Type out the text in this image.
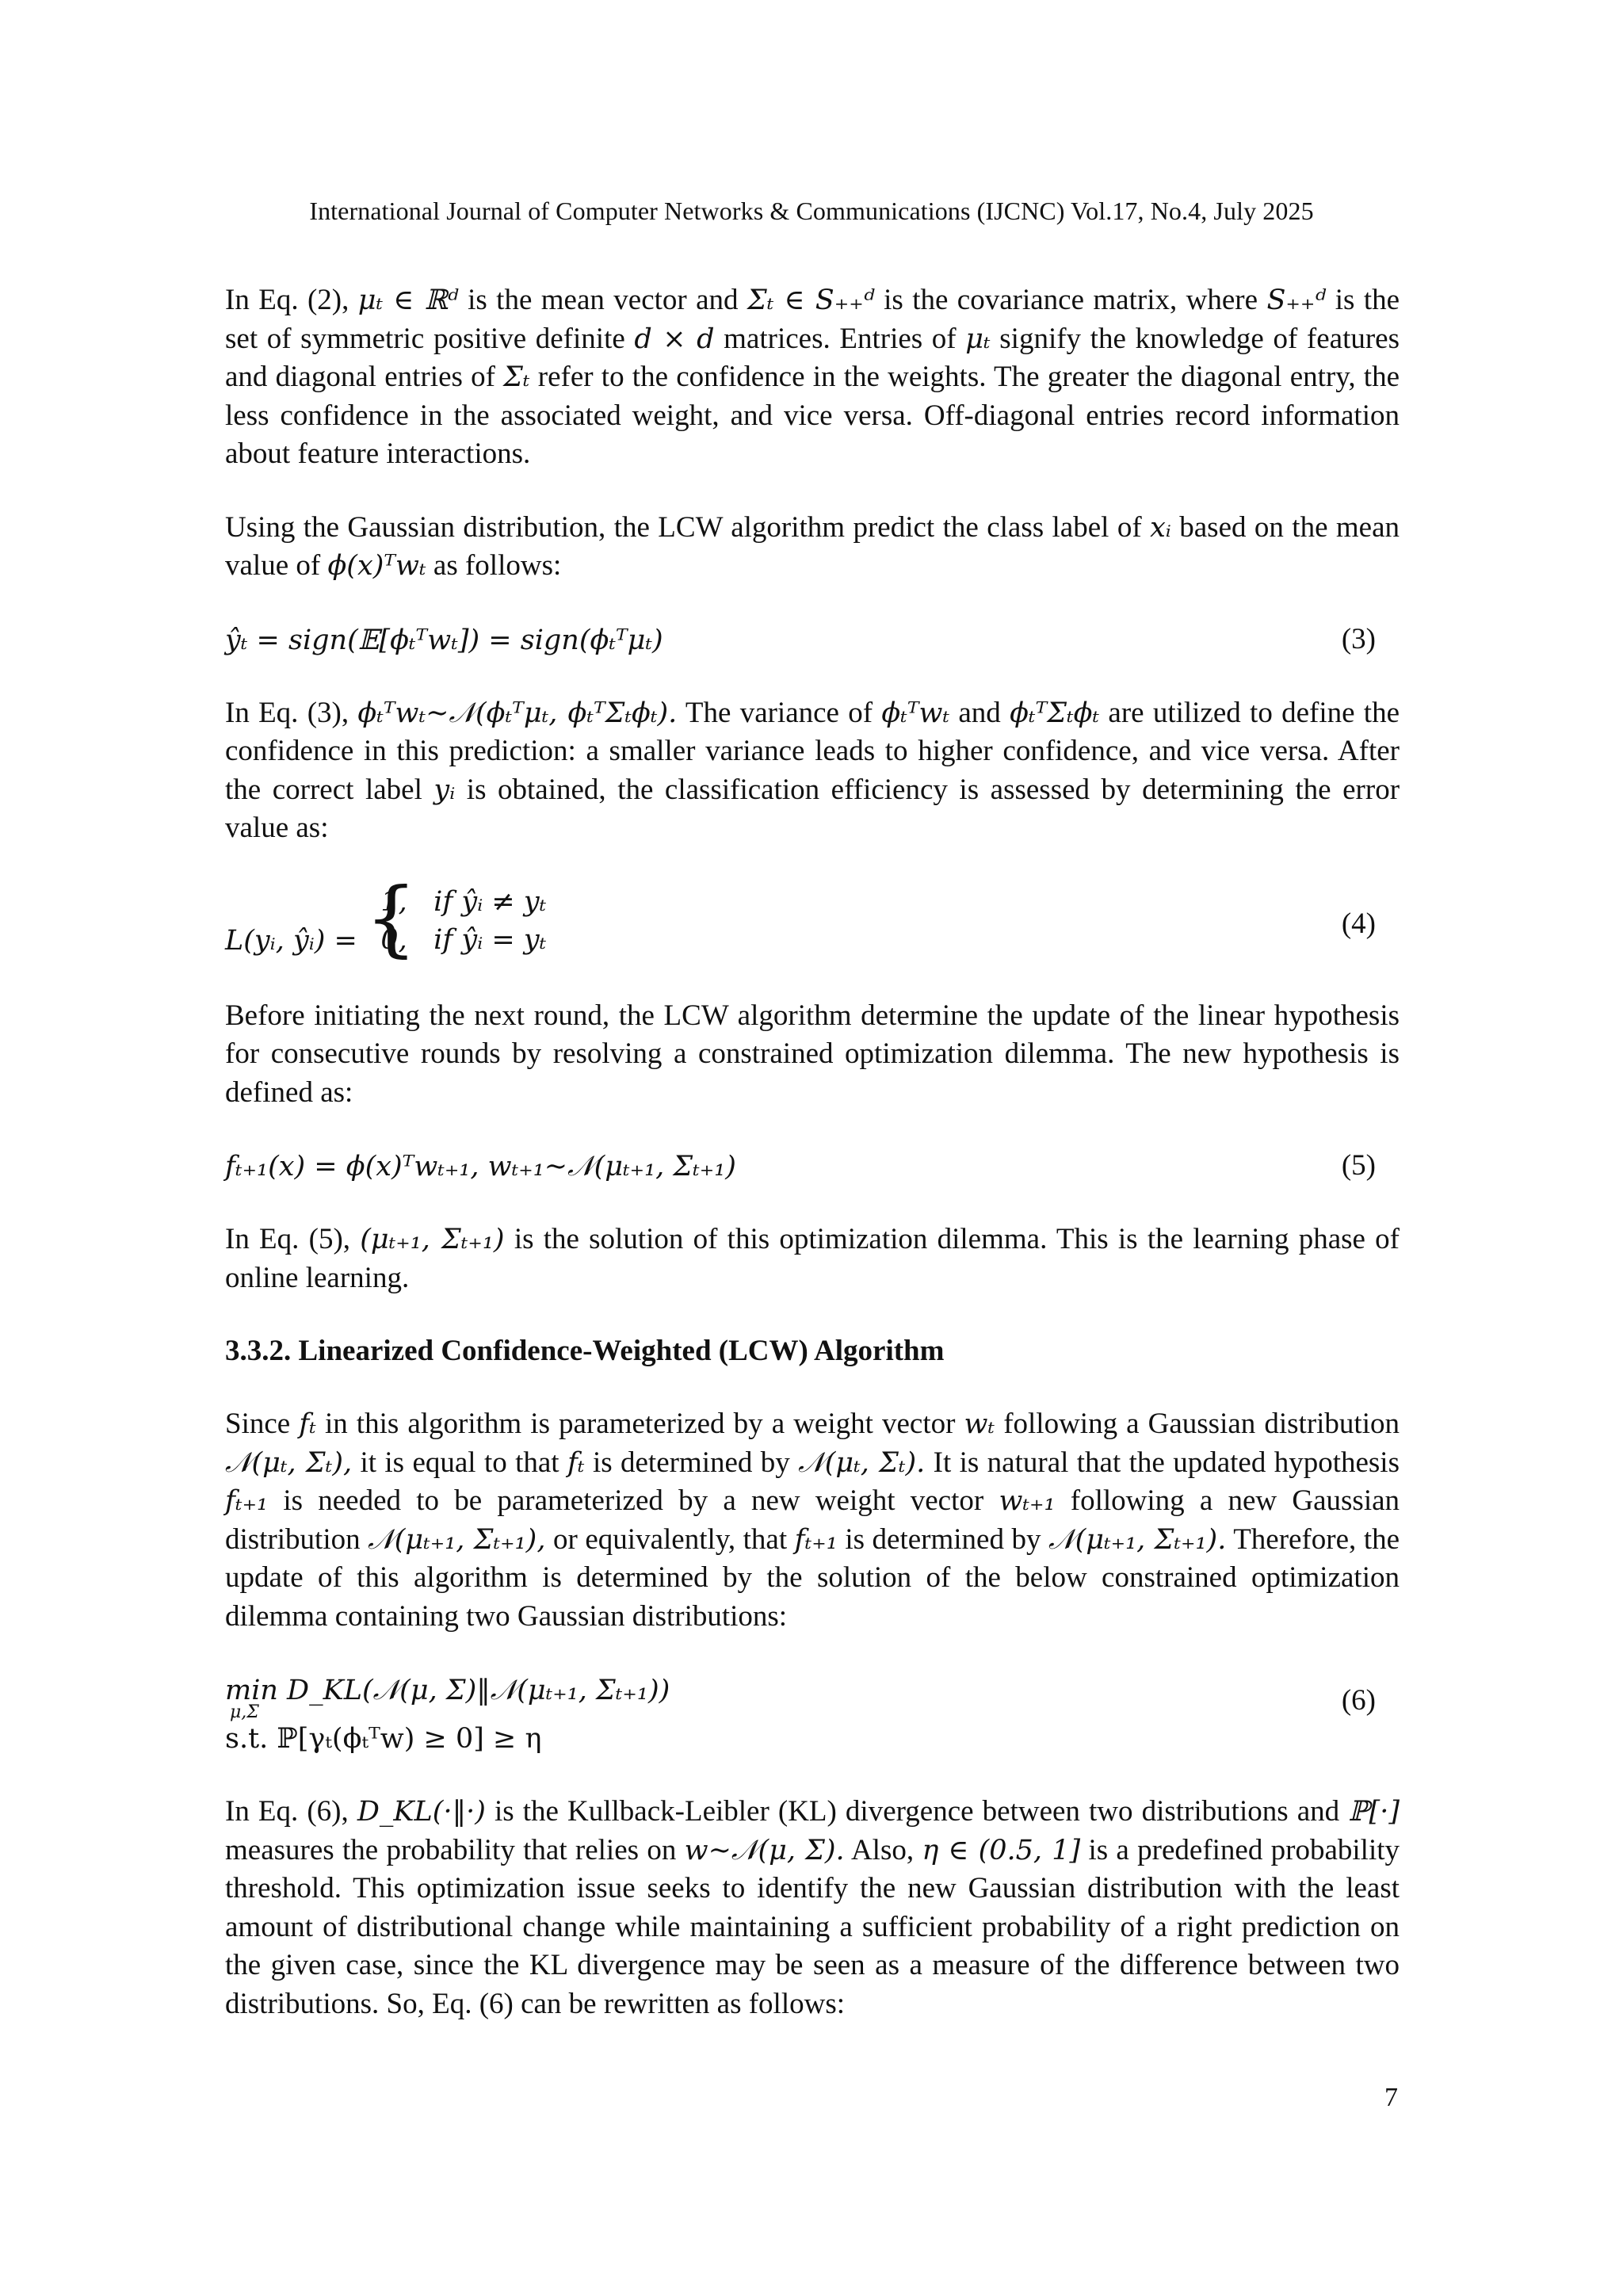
International Journal of Computer Networks & Communications (IJCNC) Vol.17, No.4, July 2025

In Eq. (2), μₜ ∈ ℝᵈ is the mean vector and Σₜ ∈ S₊₊ᵈ is the covariance matrix, where S₊₊ᵈ is the set of symmetric positive definite d × d matrices. Entries of μₜ signify the knowledge of features and diagonal entries of Σₜ refer to the confidence in the weights. The greater the diagonal entry, the less confidence in the associated weight, and vice versa. Off-diagonal entries record information about feature interactions.

Using the Gaussian distribution, the LCW algorithm predict the class label of xᵢ based on the mean value of ϕ(x)ᵀwₜ as follows:

ŷₜ = sign(𝔼[ϕₜᵀwₜ]) = sign(ϕₜᵀμₜ)	(3)

In Eq. (3), ϕₜᵀwₜ∼𝒩(ϕₜᵀμₜ, ϕₜᵀΣₜϕₜ). The variance of ϕₜᵀwₜ and ϕₜᵀΣₜϕₜ are utilized to define the confidence in this prediction: a smaller variance leads to higher confidence, and vice versa. After the correct label yᵢ is obtained, the classification efficiency is assessed by determining the error value as:

L(yᵢ, ŷᵢ) = {
1,   if ŷᵢ ≠ yₜ
0,   if ŷᵢ = yₜ	(4)

Before initiating the next round, the LCW algorithm determine the update of the linear hypothesis for consecutive rounds by resolving a constrained optimization dilemma. The new hypothesis is defined as:

fₜ₊₁(x) = ϕ(x)ᵀwₜ₊₁, wₜ₊₁∼𝒩(μₜ₊₁, Σₜ₊₁)	(5)

In Eq. (5), (μₜ₊₁, Σₜ₊₁) is the solution of this optimization dilemma. This is the learning phase of online learning.

3.3.2. Linearized Confidence-Weighted (LCW) Algorithm

Since fₜ in this algorithm is parameterized by a weight vector wₜ following a Gaussian distribution 𝒩(μₜ, Σₜ), it is equal to that fₜ is determined by 𝒩(μₜ, Σₜ). It is natural that the updated hypothesis fₜ₊₁ is needed to be parameterized by a new weight vector wₜ₊₁ following a new Gaussian distribution 𝒩(μₜ₊₁, Σₜ₊₁), or equivalently, that fₜ₊₁ is determined by 𝒩(μₜ₊₁, Σₜ₊₁). Therefore, the update of this algorithm is determined by the solution of the below constrained optimization dilemma containing two Gaussian distributions:

min D_KL(𝒩(μ, Σ)‖𝒩(μₜ₊₁, Σₜ₊₁))
μ,Σ
s.t. ℙ[γₜ(ϕₜᵀw) ≥ 0] ≥ η
(6)

In Eq. (6), D_KL(·‖·) is the Kullback-Leibler (KL) divergence between two distributions and ℙ[·] measures the probability that relies on w∼𝒩(μ, Σ). Also, η ∈ (0.5, 1] is a predefined probability threshold. This optimization issue seeks to identify the new Gaussian distribution with the least amount of distributional change while maintaining a sufficient probability of a right prediction on the given case, since the KL divergence may be seen as a measure of the difference between two distributions. So, Eq. (6) can be rewritten as follows:

7
